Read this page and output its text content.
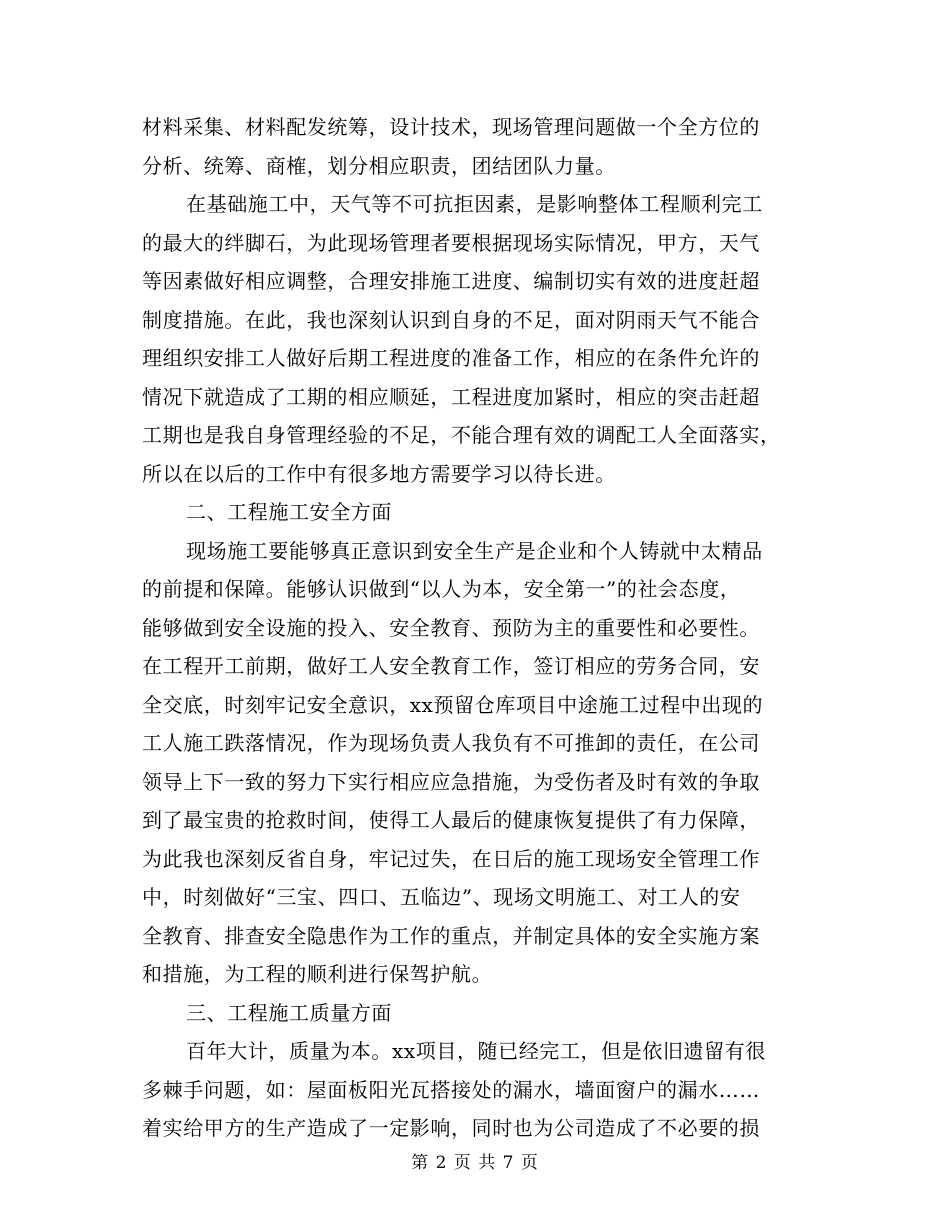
材料采集、材料配发统筹，设计技术，现场管理问题做一个全方位的
分析、统筹、商榷，划分相应职责，团结团队力量。
在基础施工中，天气等不可抗拒因素，是影响整体工程顺利完工
的最大的绊脚石，为此现场管理者要根据现场实际情况，甲方，天气
等因素做好相应调整，合理安排施工进度、编制切实有效的进度赶超
制度措施。在此，我也深刻认识到自身的不足，面对阴雨天气不能合
理组织安排工人做好后期工程进度的准备工作，相应的在条件允许的
情况下就造成了工期的相应顺延，工程进度加紧时，相应的突击赶超
工期也是我自身管理经验的不足，不能合理有效的调配工人全面落实，
所以在以后的工作中有很多地方需要学习以待长进。
二、工程施工安全方面
现场施工要能够真正意识到安全生产是企业和个人铸就中太精品
的前提和保障。能够认识做到“以人为本，安全第一”的社会态度，
能够做到安全设施的投入、安全教育、预防为主的重要性和必要性。
在工程开工前期，做好工人安全教育工作，签订相应的劳务合同，安
全交底，时刻牢记安全意识，xx预留仓库项目中途施工过程中出现的
工人施工跌落情况，作为现场负责人我负有不可推卸的责任，在公司
领导上下一致的努力下实行相应应急措施，为受伤者及时有效的争取
到了最宝贵的抢救时间，使得工人最后的健康恢复提供了有力保障，
为此我也深刻反省自身，牢记过失，在日后的施工现场安全管理工作
中，时刻做好“三宝、四口、五临边”、现场文明施工、对工人的安
全教育、排查安全隐患作为工作的重点，并制定具体的安全实施方案
和措施，为工程的顺利进行保驾护航。
三、工程施工质量方面
百年大计，质量为本。xx项目，随已经完工，但是依旧遗留有很
多棘手问题，如：屋面板阳光瓦搭接处的漏水，墙面窗户的漏水……
着实给甲方的生产造成了一定影响，同时也为公司造成了不必要的损
第 2 页 共 7 页
